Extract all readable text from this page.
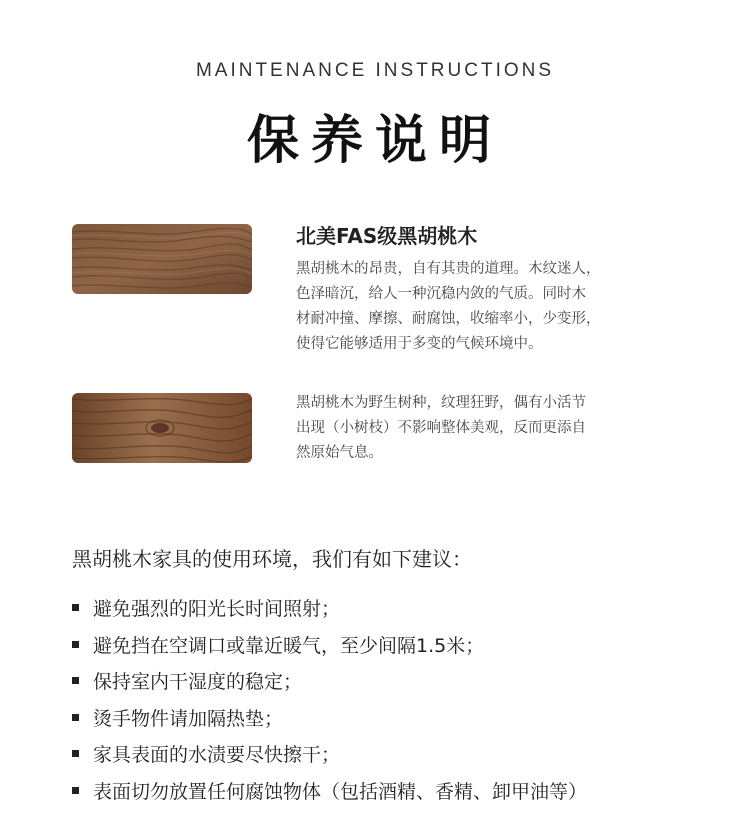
MAINTENANCE INSTRUCTIONS
保养说明
北美FAS级黑胡桃木
黑胡桃木的昂贵，自有其贵的道理。木纹迷人，
色泽暗沉，给人一种沉稳内敛的气质。同时木
材耐冲撞、摩擦、耐腐蚀，收缩率小，少变形，
使得它能够适用于多变的气候环境中。
黑胡桃木为野生树种，纹理狂野，偶有小活节
出现（小树枝）不影响整体美观，反而更添自
然原始气息。
黑胡桃木家具的使用环境，我们有如下建议：
避免强烈的阳光长时间照射；
避免挡在空调口或靠近暖气，至少间隔1.5米；
保持室内干湿度的稳定；
烫手物件请加隔热垫；
家具表面的水渍要尽快擦干；
表面切勿放置任何腐蚀物体（包括酒精、香精、卸甲油等）
